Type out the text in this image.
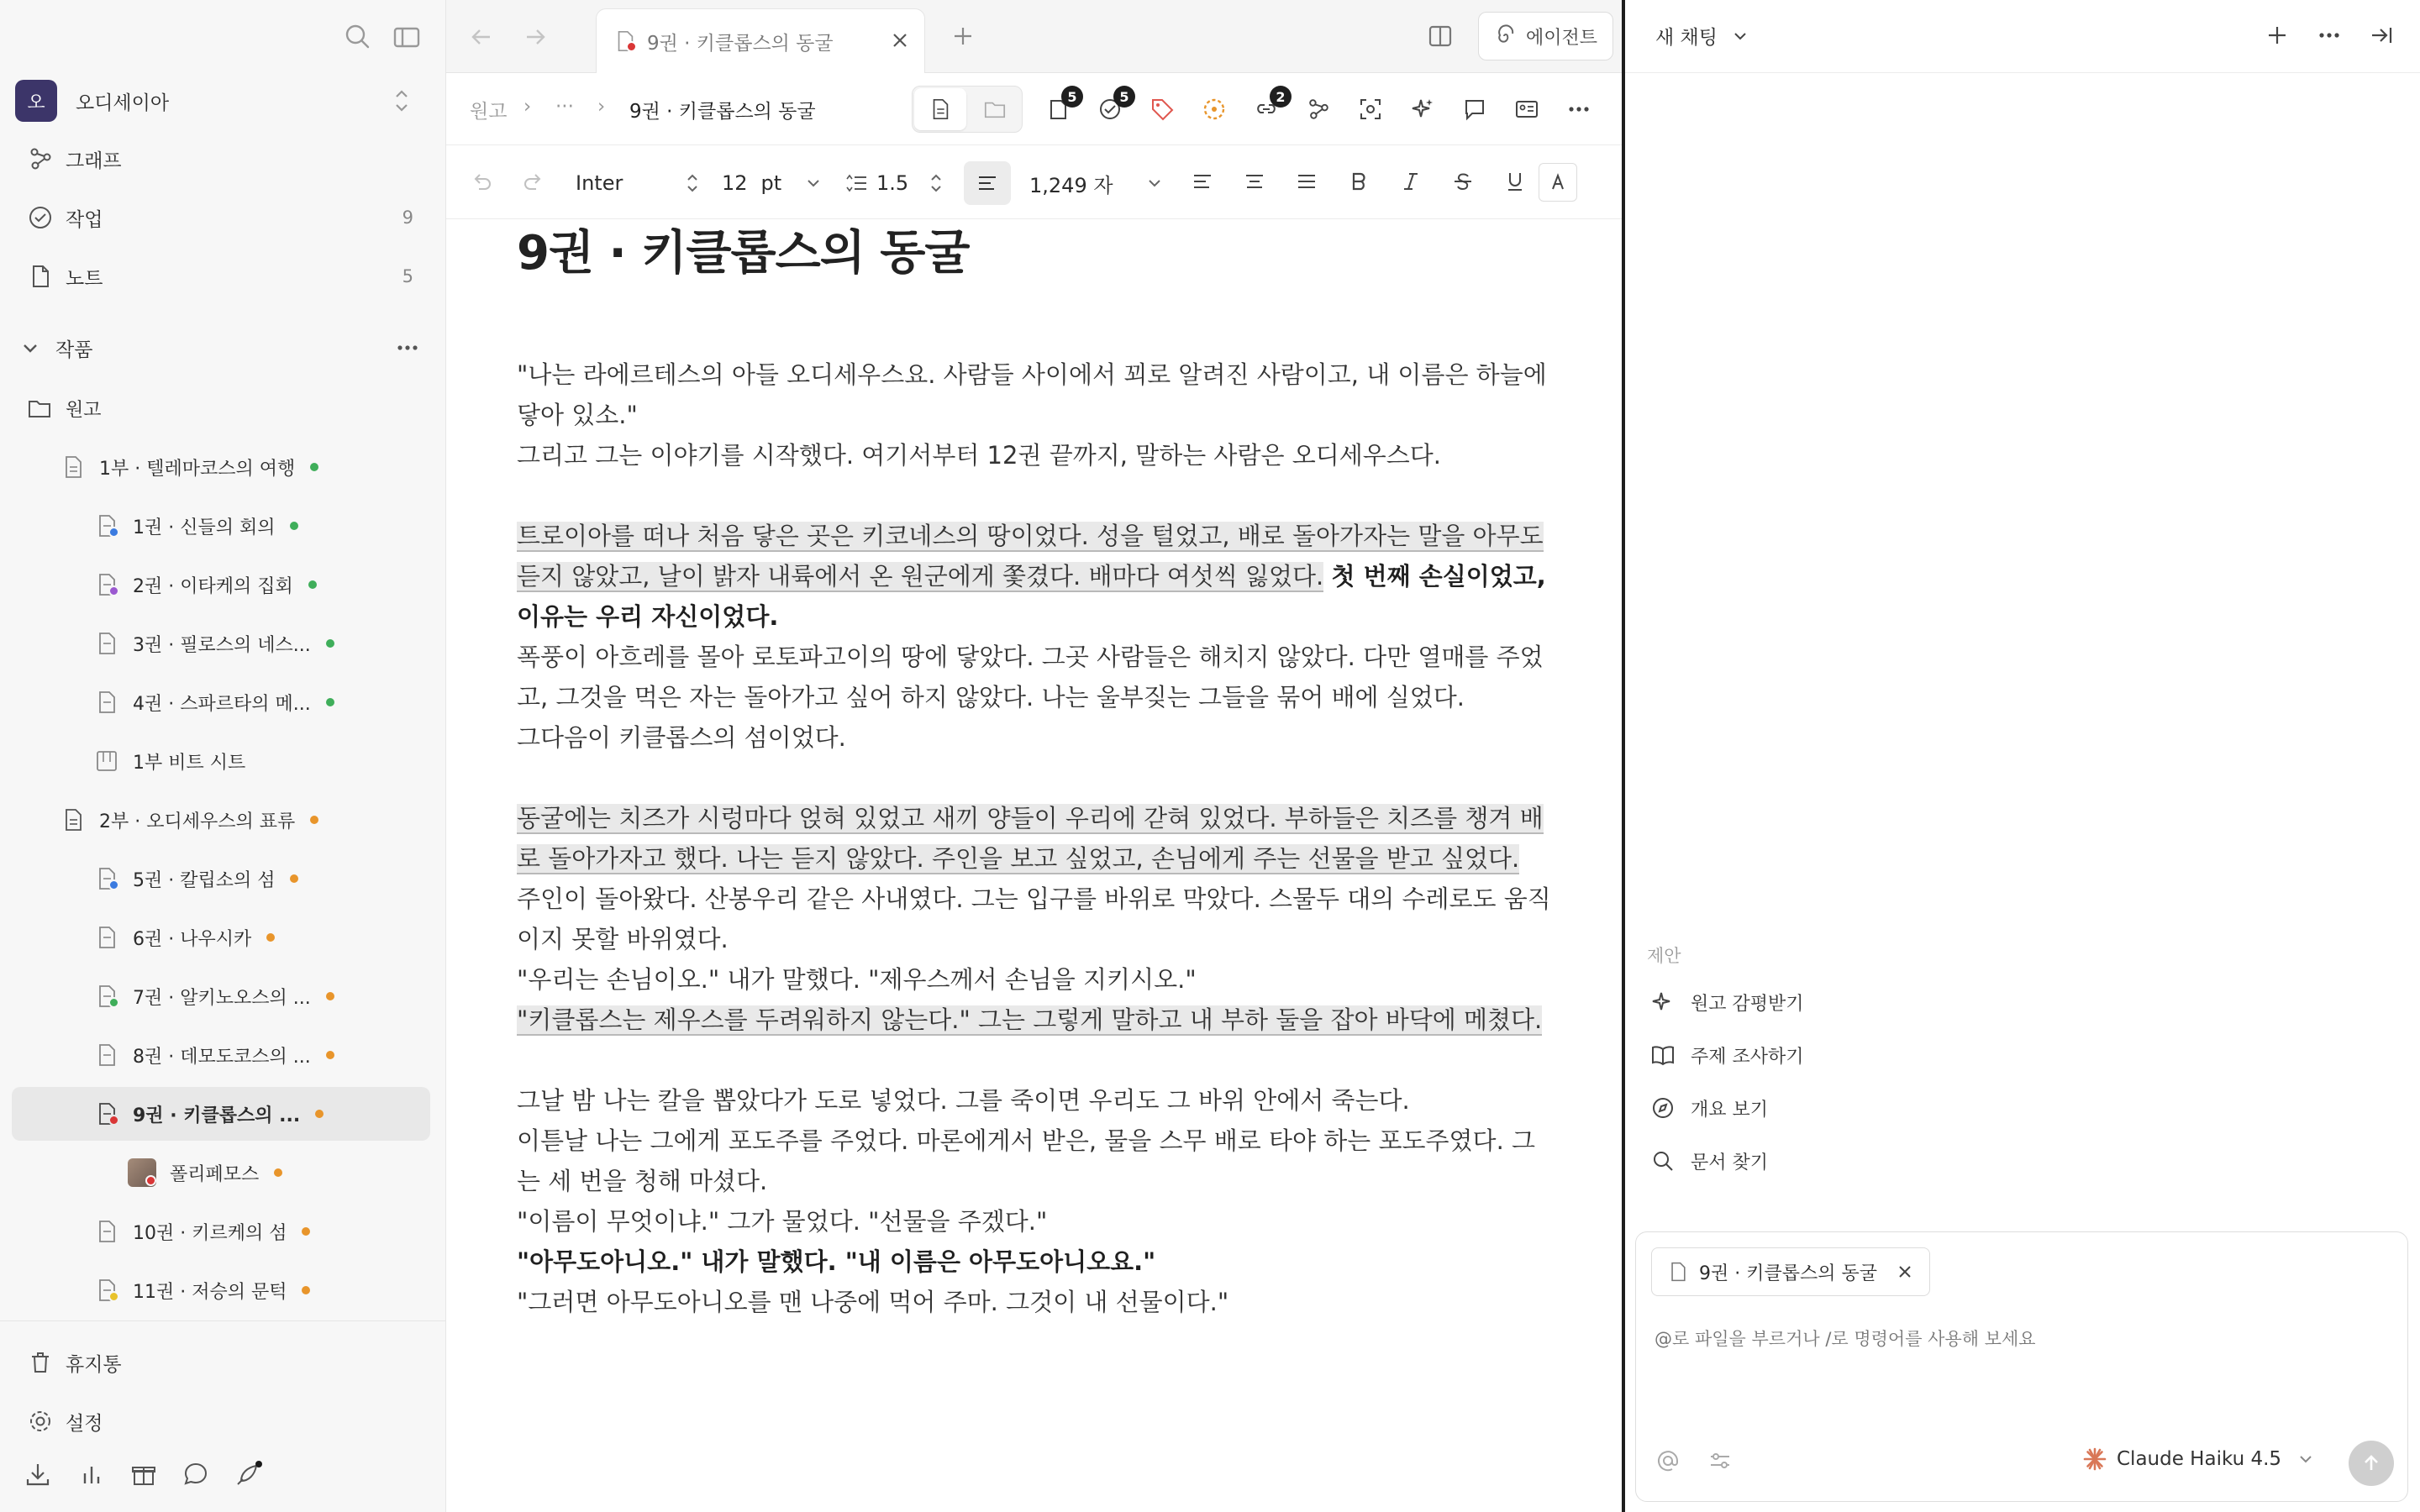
오	오디세이아
그래프
작업	9
노트	5
작품
원고
1부 · 텔레마코스의 여행
1권 · 신들의 회의
2권 · 이타케의 집회
3권 · 필로스의 네스...
4권 · 스파르타의 메...
1부 비트 시트
2부 · 오디세우스의 표류
5권 · 칼립소의 섬
6권 · 나우시카
7권 · 알키노오스의 ...
8권 · 데모도코스의 ...
9권 · 키클롭스의 ...
폴리페모스
10권 · 키르케의 섬
11권 · 저승의 문턱
휴지통
설정
9권 · 키클롭스의 동굴	에이전트
원고 › ··· › 9권 · 키클롭스의 동굴
5	5	2
Inter	12 pt	1.5	1,249 자
9권 · 키클롭스의 동굴

"나는 라에르테스의 아들 오디세우스요. 사람들 사이에서 꾀로 알려진 사람이고, 내 이름은 하늘에 닿아 있소."

그리고 그는 이야기를 시작했다. 여기서부터 12권 끝까지, 말하는 사람은 오디세우스다.

트로이아를 떠나 처음 닿은 곳은 키코네스의 땅이었다. 성을 털었고, 배로 돌아가자는 말을 아무도 듣지 않았고, 날이 밝자 내륙에서 온 원군에게 쫓겼다. 배마다 여섯씩 잃었다. 첫 번째 손실이었고, 이유는 우리 자신이었다.

폭풍이 아흐레를 몰아 로토파고이의 땅에 닿았다. 그곳 사람들은 해치지 않았다. 다만 열매를 주었고, 그것을 먹은 자는 돌아가고 싶어 하지 않았다. 나는 울부짖는 그들을 묶어 배에 실었다.

그다음이 키클롭스의 섬이었다.

동굴에는 치즈가 시렁마다 얹혀 있었고 새끼 양들이 우리에 갇혀 있었다. 부하들은 치즈를 챙겨 배로 돌아가자고 했다. 나는 듣지 않았다. 주인을 보고 싶었고, 손님에게 주는 선물을 받고 싶었다.

주인이 돌아왔다. 산봉우리 같은 사내였다. 그는 입구를 바위로 막았다. 스물두 대의 수레로도 움직이지 못할 바위였다.

"우리는 손님이오." 내가 말했다. "제우스께서 손님을 지키시오."

"키클롭스는 제우스를 두려워하지 않는다." 그는 그렇게 말하고 내 부하 둘을 잡아 바닥에 메쳤다.

그날 밤 나는 칼을 뽑았다가 도로 넣었다. 그를 죽이면 우리도 그 바위 안에서 죽는다.

이튿날 나는 그에게 포도주를 주었다. 마론에게서 받은, 물을 스무 배로 타야 하는 포도주였다. 그는 세 번을 청해 마셨다.

"이름이 무엇이냐." 그가 물었다. "선물을 주겠다."

"아무도아니오." 내가 말했다. "내 이름은 아무도아니오요."

"그러면 아무도아니오를 맨 나중에 먹어 주마. 그것이 내 선물이다."

새 채팅
제안
원고 감평받기
주제 조사하기
개요 보기
문서 찾기
9권 · 키클롭스의 동굴
@로 파일을 부르거나 /로 명령어를 사용해 보세요
Claude Haiku 4.5
